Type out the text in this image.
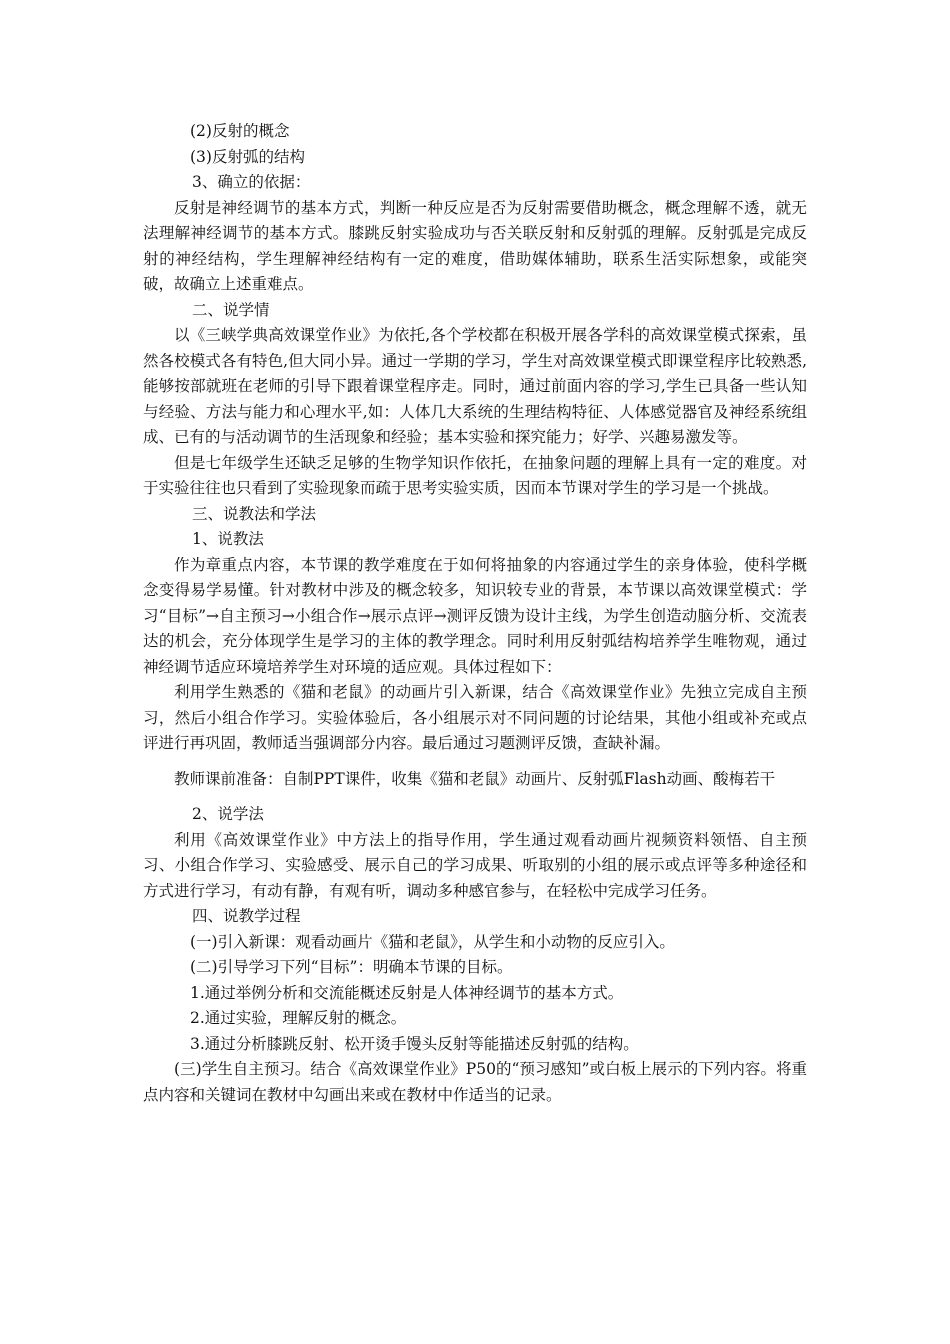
(2)反射的概念

(3)反射弧的结构

3、确立的依据：

反射是神经调节的基本方式，判断一种反应是否为反射需要借助概念，概念理解不透，就无法理解神经调节的基本方式。膝跳反射实验成功与否关联反射和反射弧的理解。反射弧是完成反射的神经结构，学生理解神经结构有一定的难度，借助媒体辅助，联系生活实际想象，或能突破，故确立上述重难点。

二、说学情

以《三峡学典高效课堂作业》为依托,各个学校都在积极开展各学科的高效课堂模式探索，虽然各校模式各有特色,但大同小异。通过一学期的学习，学生对高效课堂模式即课堂程序比较熟悉,能够按部就班在老师的引导下跟着课堂程序走。同时，通过前面内容的学习,学生已具备一些认知与经验、方法与能力和心理水平,如：人体几大系统的生理结构特征、人体感觉器官及神经系统组成、已有的与活动调节的生活现象和经验；基本实验和探究能力；好学、兴趣易激发等。

但是七年级学生还缺乏足够的生物学知识作依托，在抽象问题的理解上具有一定的难度。对于实验往往也只看到了实验现象而疏于思考实验实质，因而本节课对学生的学习是一个挑战。

三、说教法和学法

1、说教法

作为章重点内容，本节课的教学难度在于如何将抽象的内容通过学生的亲身体验，使科学概念变得易学易懂。针对教材中涉及的概念较多，知识较专业的背景，本节课以高效课堂模式：学习“目标”→自主预习→小组合作→展示点评→测评反馈为设计主线，为学生创造动脑分析、交流表达的机会，充分体现学生是学习的主体的教学理念。同时利用反射弧结构培养学生唯物观，通过神经调节适应环境培养学生对环境的适应观。具体过程如下：

利用学生熟悉的《猫和老鼠》的动画片引入新课，结合《高效课堂作业》先独立完成自主预习，然后小组合作学习。实验体验后，各小组展示对不同问题的讨论结果，其他小组或补充或点评进行再巩固，教师适当强调部分内容。最后通过习题测评反馈，查缺补漏。

教师课前准备：自制PPT课件，收集《猫和老鼠》动画片、反射弧Flash动画、酸梅若干

2、说学法

利用《高效课堂作业》中方法上的指导作用，学生通过观看动画片视频资料领悟、自主预习、小组合作学习、实验感受、展示自己的学习成果、听取别的小组的展示或点评等多种途径和方式进行学习，有动有静，有观有听，调动多种感官参与，在轻松中完成学习任务。

四、说教学过程

(一)引入新课：观看动画片《猫和老鼠》，从学生和小动物的反应引入。

(二)引导学习下列“目标”：明确本节课的目标。

1.通过举例分析和交流能概述反射是人体神经调节的基本方式。

2.通过实验，理解反射的概念。

3.通过分析膝跳反射、松开烫手馒头反射等能描述反射弧的结构。

(三)学生自主预习。结合《高效课堂作业》P50的“预习感知”或白板上展示的下列内容。将重点内容和关键词在教材中勾画出来或在教材中作适当的记录。
